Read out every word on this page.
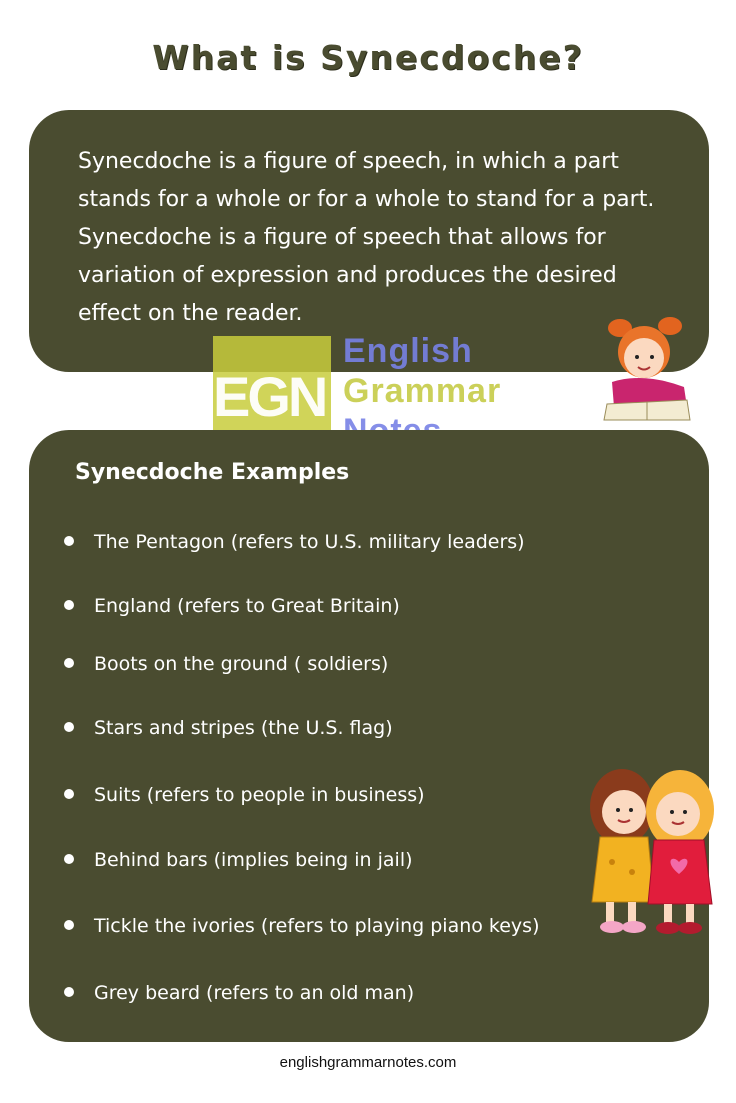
What is Synecdoche?

Synecdoche is a figure of speech, in which a part stands for a whole or for a whole to stand for a part. Synecdoche is a figure of speech that allows for variation of expression and produces the desired effect on the reader.

EGN
English
Grammar
Synecdoche Examples
The Pentagon (refers to U.S. military leaders)
England (refers to Great Britain)
Boots on the ground ( soldiers)
Stars and stripes (the U.S. flag)
Suits (refers to people in business)
Behind bars (implies being in jail)
Tickle the ivories (refers to playing piano keys)
Grey beard (refers to an old man)
englishgrammarnotes.com
